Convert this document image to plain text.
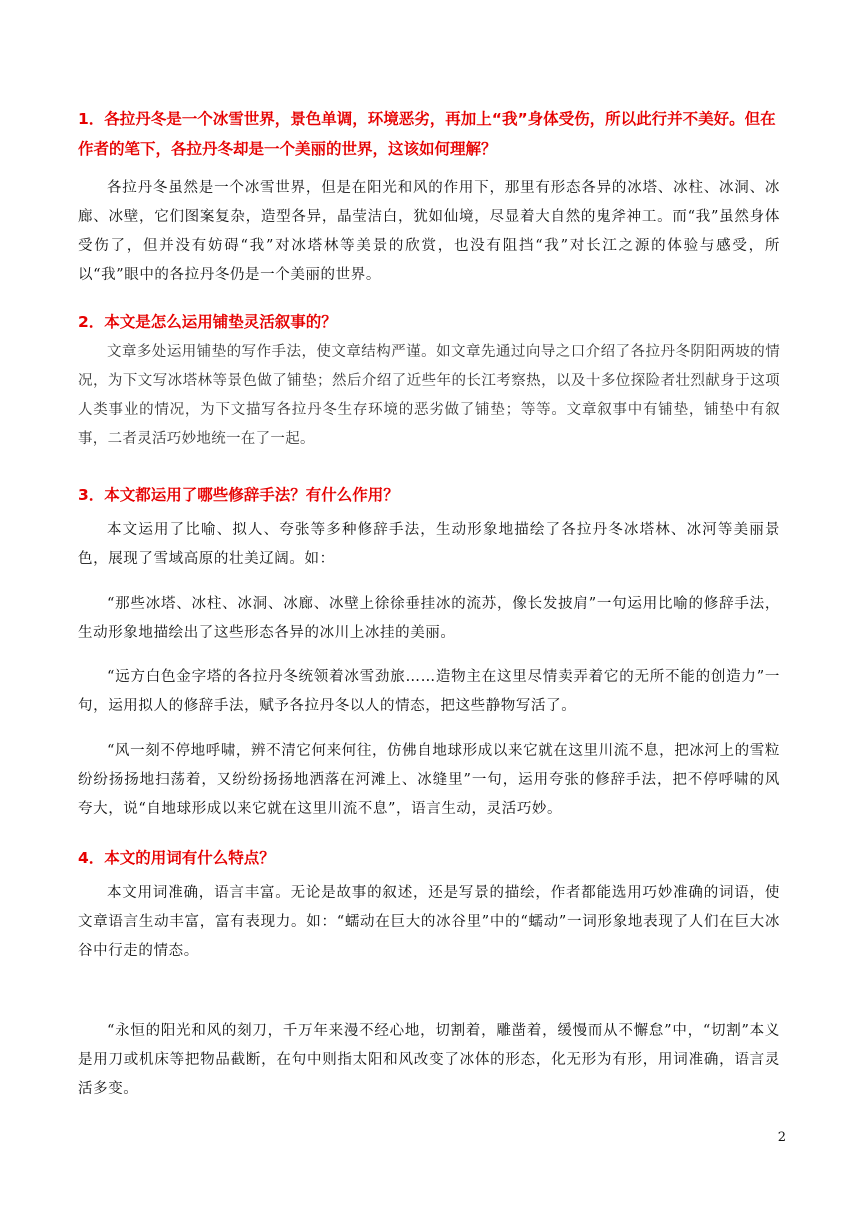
1．各拉丹冬是一个冰雪世界，景色单调，环境恶劣，再加上“我”身体受伤，所以此行并不美好。但在作者的笔下，各拉丹冬却是一个美丽的世界，这该如何理解？

各拉丹冬虽然是一个冰雪世界，但是在阳光和风的作用下，那里有形态各异的冰塔、冰柱、冰洞、冰廊、冰壁，它们图案复杂，造型各异，晶莹洁白，犹如仙境，尽显着大自然的鬼斧神工。而“我”虽然身体受伤了，但并没有妨碍“我”对冰塔林等美景的欣赏，也没有阻挡“我”对长江之源的体验与感受，所以“我”眼中的各拉丹冬仍是一个美丽的世界。

2．本文是怎么运用铺垫灵活叙事的？

文章多处运用铺垫的写作手法，使文章结构严谨。如文章先通过向导之口介绍了各拉丹冬阴阳两坡的情况，为下文写冰塔林等景色做了铺垫；然后介绍了近些年的长江考察热，以及十多位探险者壮烈献身于这项人类事业的情况，为下文描写各拉丹冬生存环境的恶劣做了铺垫；等等。文章叙事中有铺垫，铺垫中有叙事，二者灵活巧妙地统一在了一起。

3．本文都运用了哪些修辞手法？有什么作用？

本文运用了比喻、拟人、夸张等多种修辞手法，生动形象地描绘了各拉丹冬冰塔林、冰河等美丽景色，展现了雪域高原的壮美辽阔。如：

“那些冰塔、冰柱、冰洞、冰廊、冰壁上徐徐垂挂冰的流苏，像长发披肩”一句运用比喻的修辞手法，生动形象地描绘出了这些形态各异的冰川上冰挂的美丽。

“远方白色金字塔的各拉丹冬统领着冰雪劲旅……造物主在这里尽情卖弄着它的无所不能的创造力”一句，运用拟人的修辞手法，赋予各拉丹冬以人的情态，把这些静物写活了。

“风一刻不停地呼啸，辨不清它何来何往，仿佛自地球形成以来它就在这里川流不息，把冰河上的雪粒纷纷扬扬地扫荡着，又纷纷扬扬地洒落在河滩上、冰缝里”一句，运用夸张的修辞手法，把不停呼啸的风夸大，说“自地球形成以来它就在这里川流不息”，语言生动，灵活巧妙。

4．本文的用词有什么特点？

本文用词准确，语言丰富。无论是故事的叙述，还是写景的描绘，作者都能选用巧妙准确的词语，使文章语言生动丰富，富有表现力。如：“蠕动在巨大的冰谷里”中的“蠕动”一词形象地表现了人们在巨大冰谷中行走的情态。

“永恒的阳光和风的刻刀，千万年来漫不经心地，切割着，雕凿着，缓慢而从不懈怠”中，“切割”本义是用刀或机床等把物品截断，在句中则指太阳和风改变了冰体的形态，化无形为有形，用词准确，语言灵活多变。

2
